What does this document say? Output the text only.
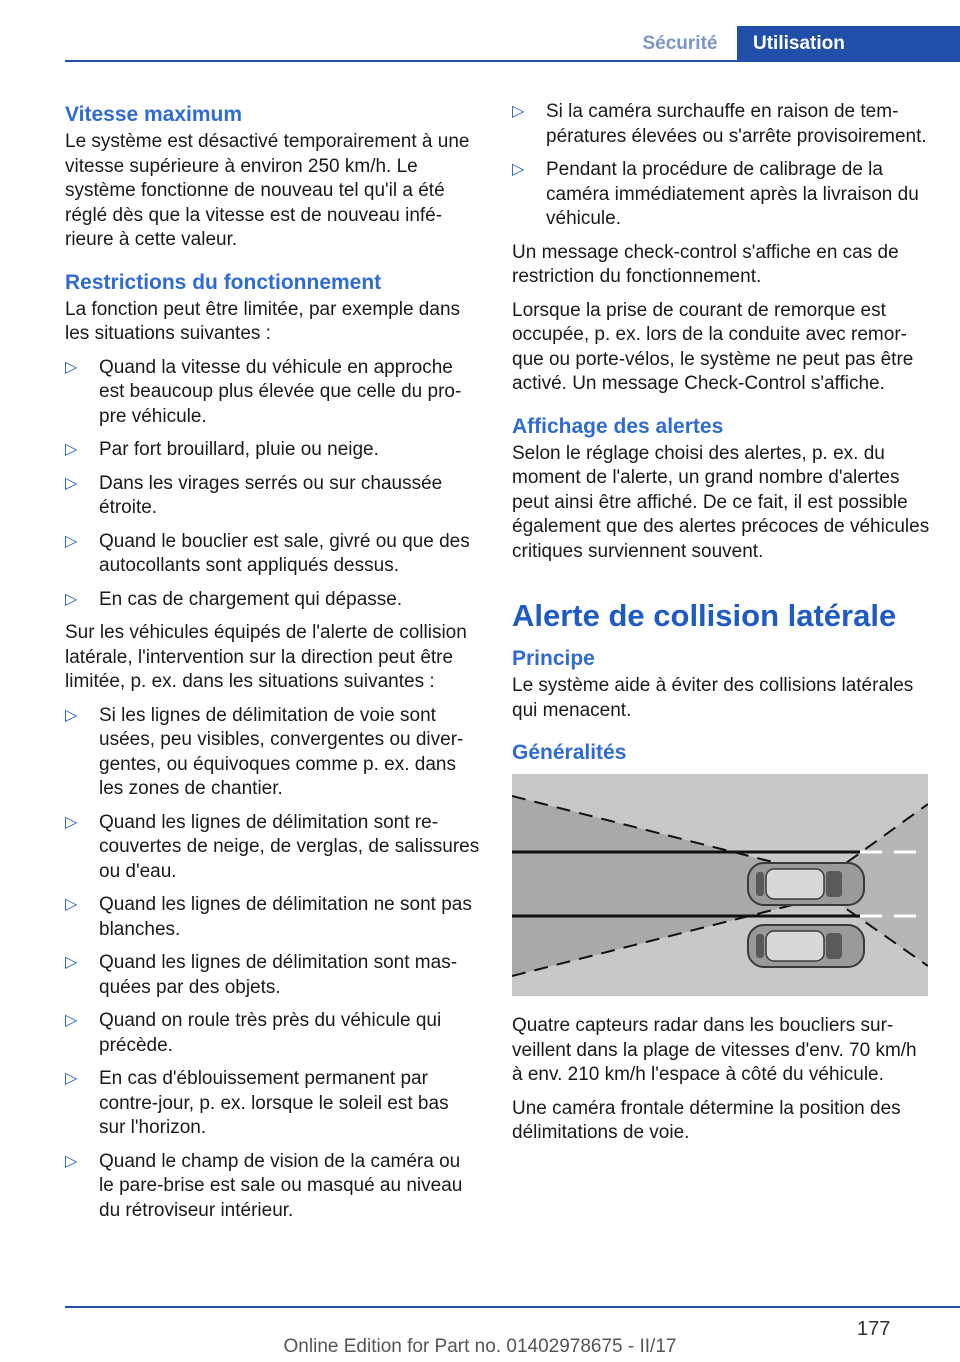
Sécurité	Utilisation
Vitesse maximum

Le système est désactivé temporairement à une vitesse supérieure à environ 250 km/h. Le système fonctionne de nouveau tel qu'il a été réglé dès que la vitesse est de nouveau inférieure à cette valeur.

Restrictions du fonctionnement

La fonction peut être limitée, par exemple dans les situations suivantes :

▷ Quand la vitesse du véhicule en approche est beaucoup plus élevée que celle du propre véhicule.
▷ Par fort brouillard, pluie ou neige.
▷ Dans les virages serrés ou sur chaussée étroite.
▷ Quand le bouclier est sale, givré ou que des autocollants sont appliqués dessus.
▷ En cas de chargement qui dépasse.

Sur les véhicules équipés de l'alerte de collision latérale, l'intervention sur la direction peut être limitée, p. ex. dans les situations suivantes :

▷ Si les lignes de délimitation de voie sont usées, peu visibles, convergentes ou divergentes, ou équivoques comme p. ex. dans les zones de chantier.
▷ Quand les lignes de délimitation sont recouvertes de neige, de verglas, de salissures ou d'eau.
▷ Quand les lignes de délimitation ne sont pas blanches.
▷ Quand les lignes de délimitation sont masquées par des objets.
▷ Quand on roule très près du véhicule qui précède.
▷ En cas d'éblouissement permanent par contre-jour, p. ex. lorsque le soleil est bas sur l'horizon.
▷ Quand le champ de vision de la caméra ou le pare-brise est sale ou masqué au niveau du rétroviseur intérieur.
▷ Si la caméra surchauffe en raison de températures élevées ou s'arrête provisoirement.
▷ Pendant la procédure de calibrage de la caméra immédiatement après la livraison du véhicule.

Un message check-control s'affiche en cas de restriction du fonctionnement.

Lorsque la prise de courant de remorque est occupée, p. ex. lors de la conduite avec remorque ou porte-vélos, le système ne peut pas être activé. Un message Check-Control s'affiche.

Affichage des alertes

Selon le réglage choisi des alertes, p. ex. du moment de l'alerte, un grand nombre d'alertes peut ainsi être affiché. De ce fait, il est possible également que des alertes précoces de véhicules critiques surviennent souvent.

Alerte de collision latérale
Principe

Le système aide à éviter des collisions latérales qui menacent.

Généralités

Quatre capteurs radar dans les boucliers surveillent dans la plage de vitesses d'env. 70 km/h à env. 210 km/h l'espace à côté du véhicule.

Une caméra frontale détermine la position des délimitations de voie.

177
Online Edition for Part no. 01402978675 - II/17
